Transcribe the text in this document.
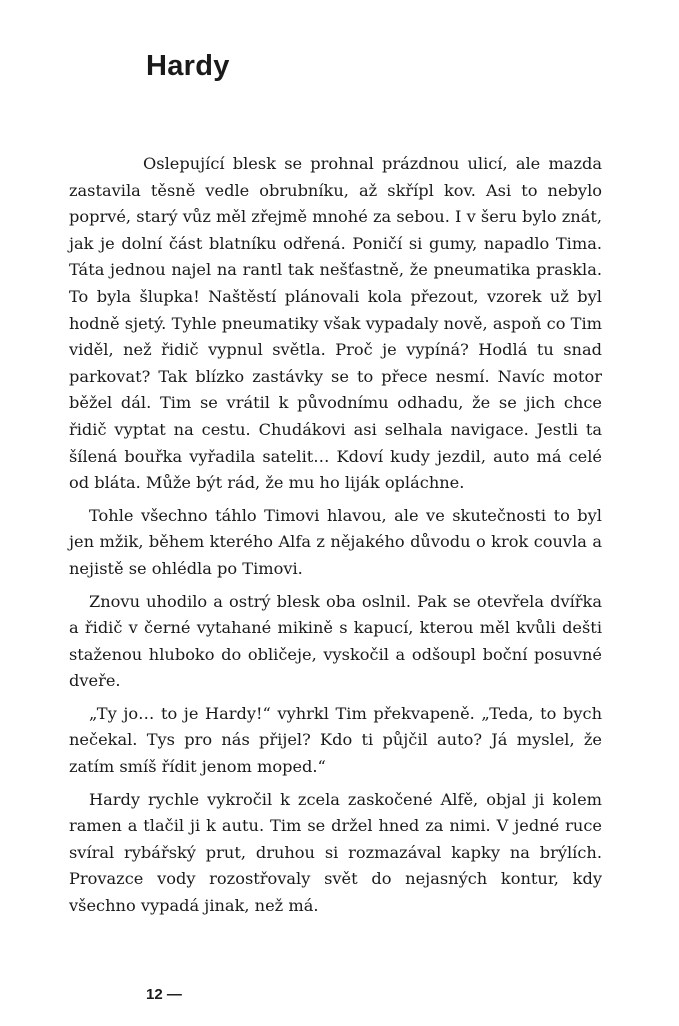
Hardy

Oslepující blesk se prohnal prázdnou ulicí, ale mazda zastavila těsně vedle obrubníku, až skřípl kov. Asi to nebylo poprvé, starý vůz měl zřejmě mnohé za sebou. I v šeru bylo znát, jak je dolní část blatníku odřená. Poničí si gumy, napadlo Tima. Táta jednou najel na rantl tak nešťastně, že pneumatika praskla. To byla šlupka! Naštěstí plánovali kola přezout, vzorek už byl hodně sjetý. Tyhle pneumatiky však vypadaly nově, aspoň co Tim viděl, než řidič vypnul světla. Proč je vypíná? Hodlá tu snad parkovat? Tak blízko zastávky se to přece nesmí. Navíc motor běžel dál. Tim se vrátil k původnímu odhadu, že se jich chce řidič vyptat na cestu. Chudákovi asi selhala navigace. Jestli ta šílená bouřka vyřadila satelit… Kdoví kudy jezdil, auto má celé od bláta. Může být rád, že mu ho liják opláchne.

Tohle všechno táhlo Timovi hlavou, ale ve skutečnosti to byl jen mžik, během kterého Alfa z nějakého důvodu o krok couvla a nejistě se ohlédla po Timovi.

Znovu uhodilo a ostrý blesk oba oslnil. Pak se otevřela dvířka a řidič v černé vytahané mikině s kapucí, kterou měl kvůli dešti staženou hluboko do obličeje, vyskočil a odšoupl boční posuvné dveře.

„Ty jo… to je Hardy!“ vyhrkl Tim překvapeně. „Teda, to bych nečekal. Tys pro nás přijel? Kdo ti půjčil auto? Já myslel, že zatím smíš řídit jenom moped.“

Hardy rychle vykročil k zcela zaskočené Alfě, objal ji kolem ramen a tlačil ji k autu. Tim se držel hned za nimi. V jedné ruce svíral rybářský prut, druhou si rozmazával kapky na brýlích. Provazce vody rozostřovaly svět do nejasných kontur, kdy všechno vypadá jinak, než má.

12 —
